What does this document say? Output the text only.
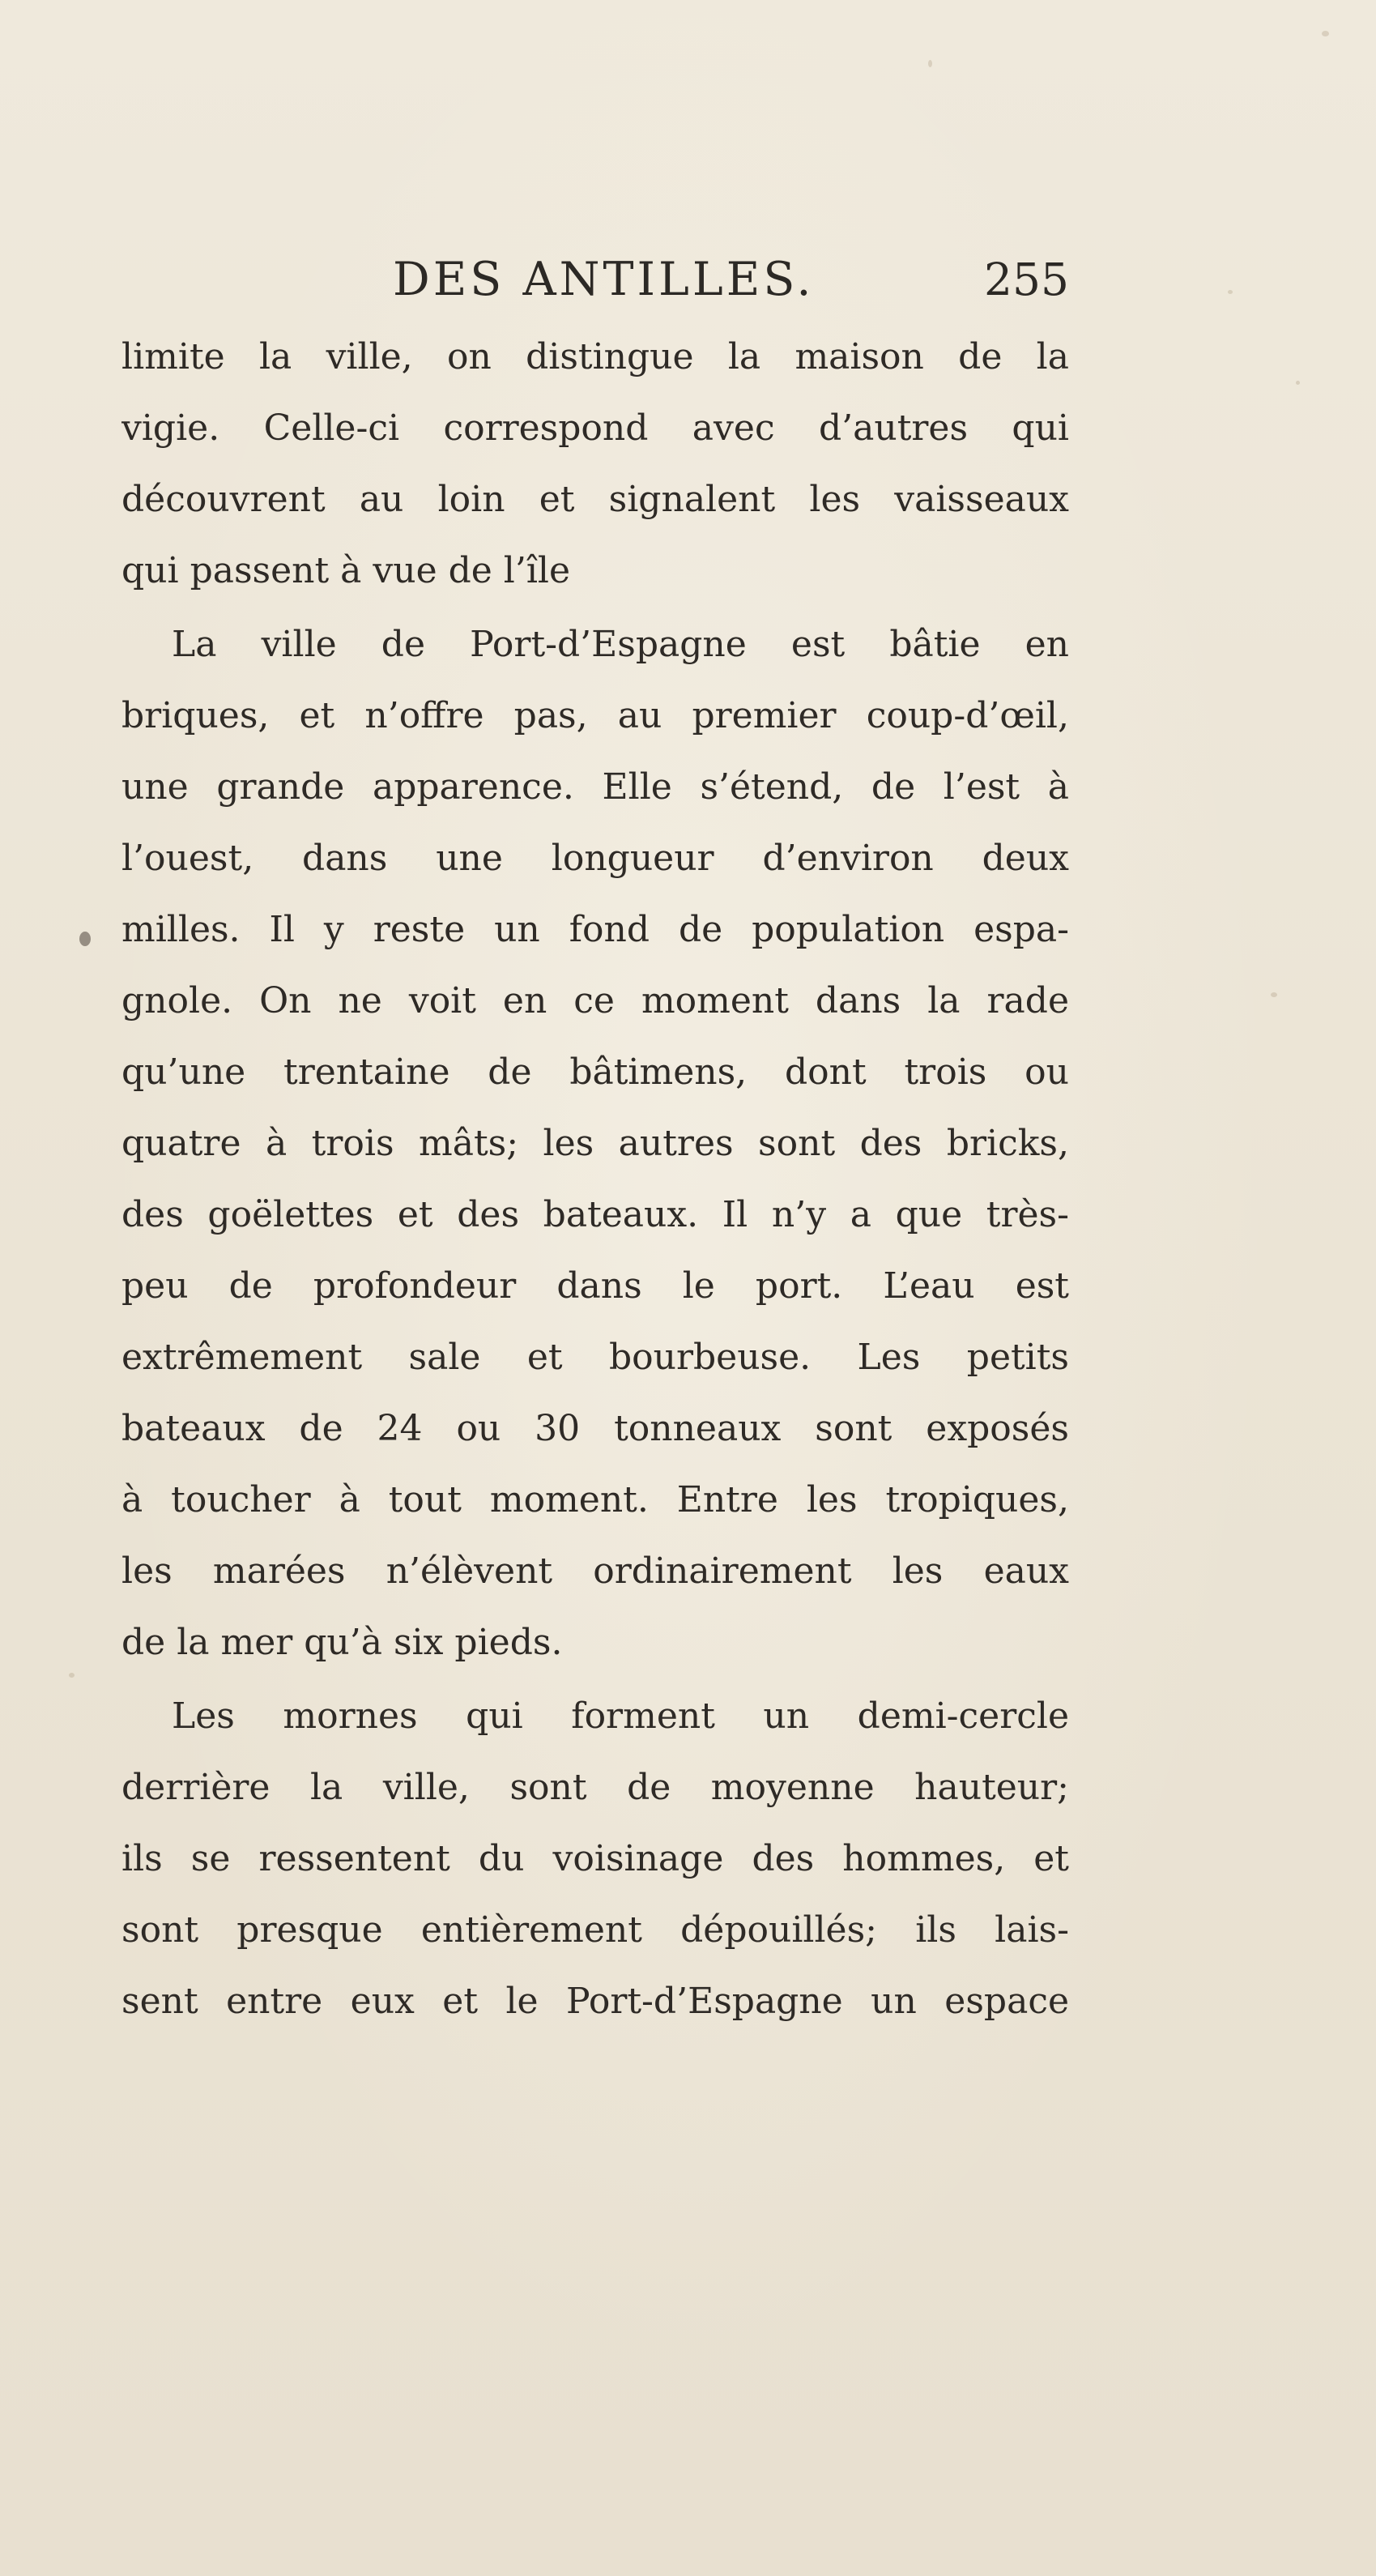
DES ANTILLES.	255
limite la ville, on distingue la maison de la
vigie. Celle-ci correspond avec d’autres qui
découvrent au loin et signalent les vaisseaux
qui passent à vue de l’île
La ville de Port-d’Espagne est bâtie en
briques, et n’offre pas, au premier coup-d’œil,
une grande apparence. Elle s’étend, de l’est à
l’ouest, dans une longueur d’environ deux
milles. Il y reste un fond de population espa-
gnole. On ne voit en ce moment dans la rade
qu’une trentaine de bâtimens, dont trois ou
quatre à trois mâts; les autres sont des bricks,
des goëlettes et des bateaux. Il n’y a que très-
peu de profondeur dans le port. L’eau est
extrêmement sale et bourbeuse. Les petits
bateaux de 24 ou 30 tonneaux sont exposés
à toucher à tout moment. Entre les tropiques,
les marées n’élèvent ordinairement les eaux
de la mer qu’à six pieds.
Les mornes qui forment un demi-cercle
derrière la ville, sont de moyenne hauteur;
ils se ressentent du voisinage des hommes, et
sont presque entièrement dépouillés; ils lais-
sent entre eux et le Port-d’Espagne un espace
